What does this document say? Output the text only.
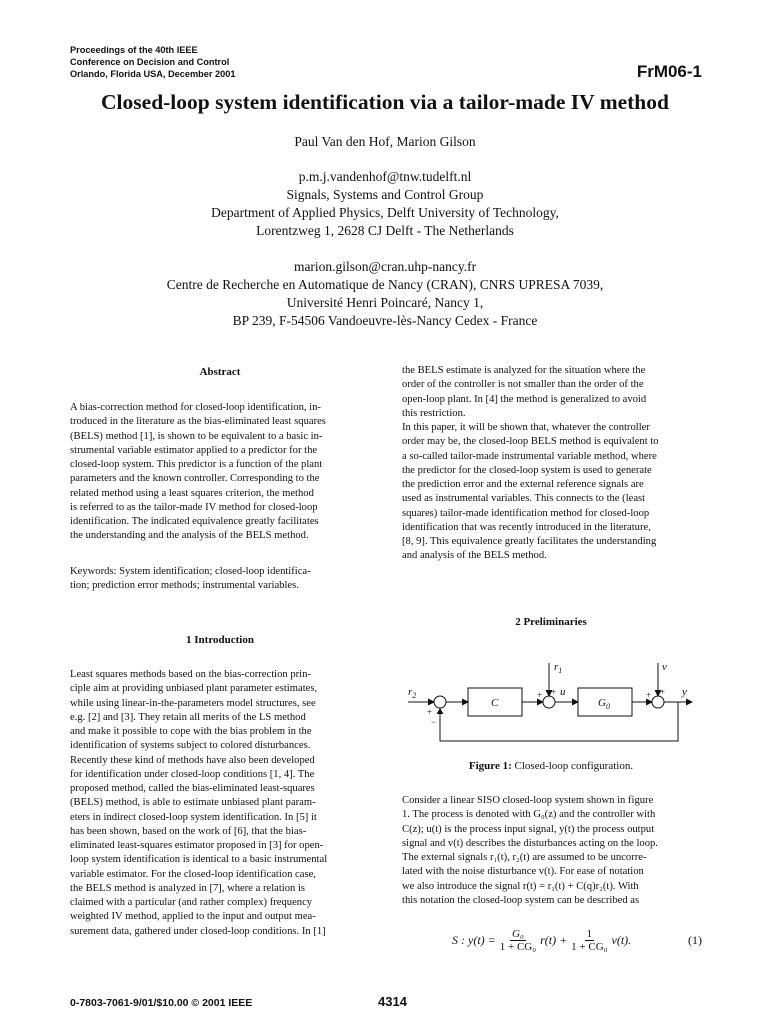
Proceedings of the 40th IEEE
Conference on Decision and Control
Orlando, Florida USA, December 2001	FrM06-1
Closed-loop system identification via a tailor-made IV method
Paul Van den Hof, Marion Gilson
p.m.j.vandenhof@tnw.tudelft.nl
Signals, Systems and Control Group
Department of Applied Physics, Delft University of Technology,
Lorentzweg 1, 2628 CJ Delft - The Netherlands
marion.gilson@cran.uhp-nancy.fr
Centre de Recherche en Automatique de Nancy (CRAN), CNRS UPRESA 7039,
Université Henri Poincaré, Nancy 1,
BP 239, F-54506 Vandoeuvre-lès-Nancy Cedex - France
Abstract
A bias-correction method for closed-loop identification, in-
troduced in the literature as the bias-eliminated least squares
(BELS) method [1], is shown to be equivalent to a basic in-
strumental variable estimator applied to a predictor for the
closed-loop system. This predictor is a function of the plant
parameters and the known controller. Corresponding to the
related method using a least squares criterion, the method
is referred to as the tailor-made IV method for closed-loop
identification. The indicated equivalence greatly facilitates
the understanding and the analysis of the BELS method.
Keywords: System identification; closed-loop identifica-
tion; prediction error methods; instrumental variables.
1 Introduction
Least squares methods based on the bias-correction prin-
ciple aim at providing unbiased plant parameter estimates,
while using linear-in-the-parameters model structures, see
e.g. [2] and [3]. They retain all merits of the LS method
and make it possible to cope with the bias problem in the
identification of systems subject to colored disturbances.
Recently these kind of methods have also been developed
for identification under closed-loop conditions [1, 4]. The
proposed method, called the bias-eliminated least-squares
(BELS) method, is able to estimate unbiased plant param-
eters in indirect closed-loop system identification. In [5] it
has been shown, based on the work of [6], that the bias-
eliminated least-squares estimator proposed in [3] for open-
loop system identification is identical to a basic instrumental
variable estimator. For the closed-loop identification case,
the BELS method is analyzed in [7], where a relation is
claimed with a particular (and rather complex) frequency
weighted IV method, applied to the input and output mea-
surement data, gathered under closed-loop conditions. In [1]
the BELS estimate is analyzed for the situation where the
order of the controller is not smaller than the order of the
open-loop plant. In [4] the method is generalized to avoid
this restriction.
In this paper, it will be shown that, whatever the controller
order may be, the closed-loop BELS method is equivalent to
a so-called tailor-made instrumental variable method, where
the predictor for the closed-loop system is used to generate
the prediction error and the external reference signals are
used as instrumental variables. This connects to the (least
squares) tailor-made identification method for closed-loop
identification that was recently introduced in the literature,
[8, 9]. This equivalence greatly facilitates the understanding
and analysis of the BELS method.
2 Preliminaries
$r_2$
$r_1$	v
y
u
C	$G_0$
+
+ +	+ +
−
Figure 1: Closed-loop configuration.
Consider a linear SISO closed-loop system shown in figure
1. The process is denoted with G₀(z) and the controller with
C(z); u(t) is the process input signal, y(t) the process output
signal and v(t) describes the disturbances acting on the loop.
The external signals r₁(t), r₂(t) are assumed to be uncorre-
lated with the noise disturbance v(t). For ease of notation
we also introduce the signal r(t) = r₁(t) + C(q)r₂(t). With
this notation the closed-loop system can be described as
S : $y(t) = \frac{\text{G₀}}{\text{1 + CG₀}} r(t) + \frac{1}{\text{1 + CG₀}} v(t)$.	(1)
0-7803-7061-9/01/$10.00 © 2001 IEEE	4314
